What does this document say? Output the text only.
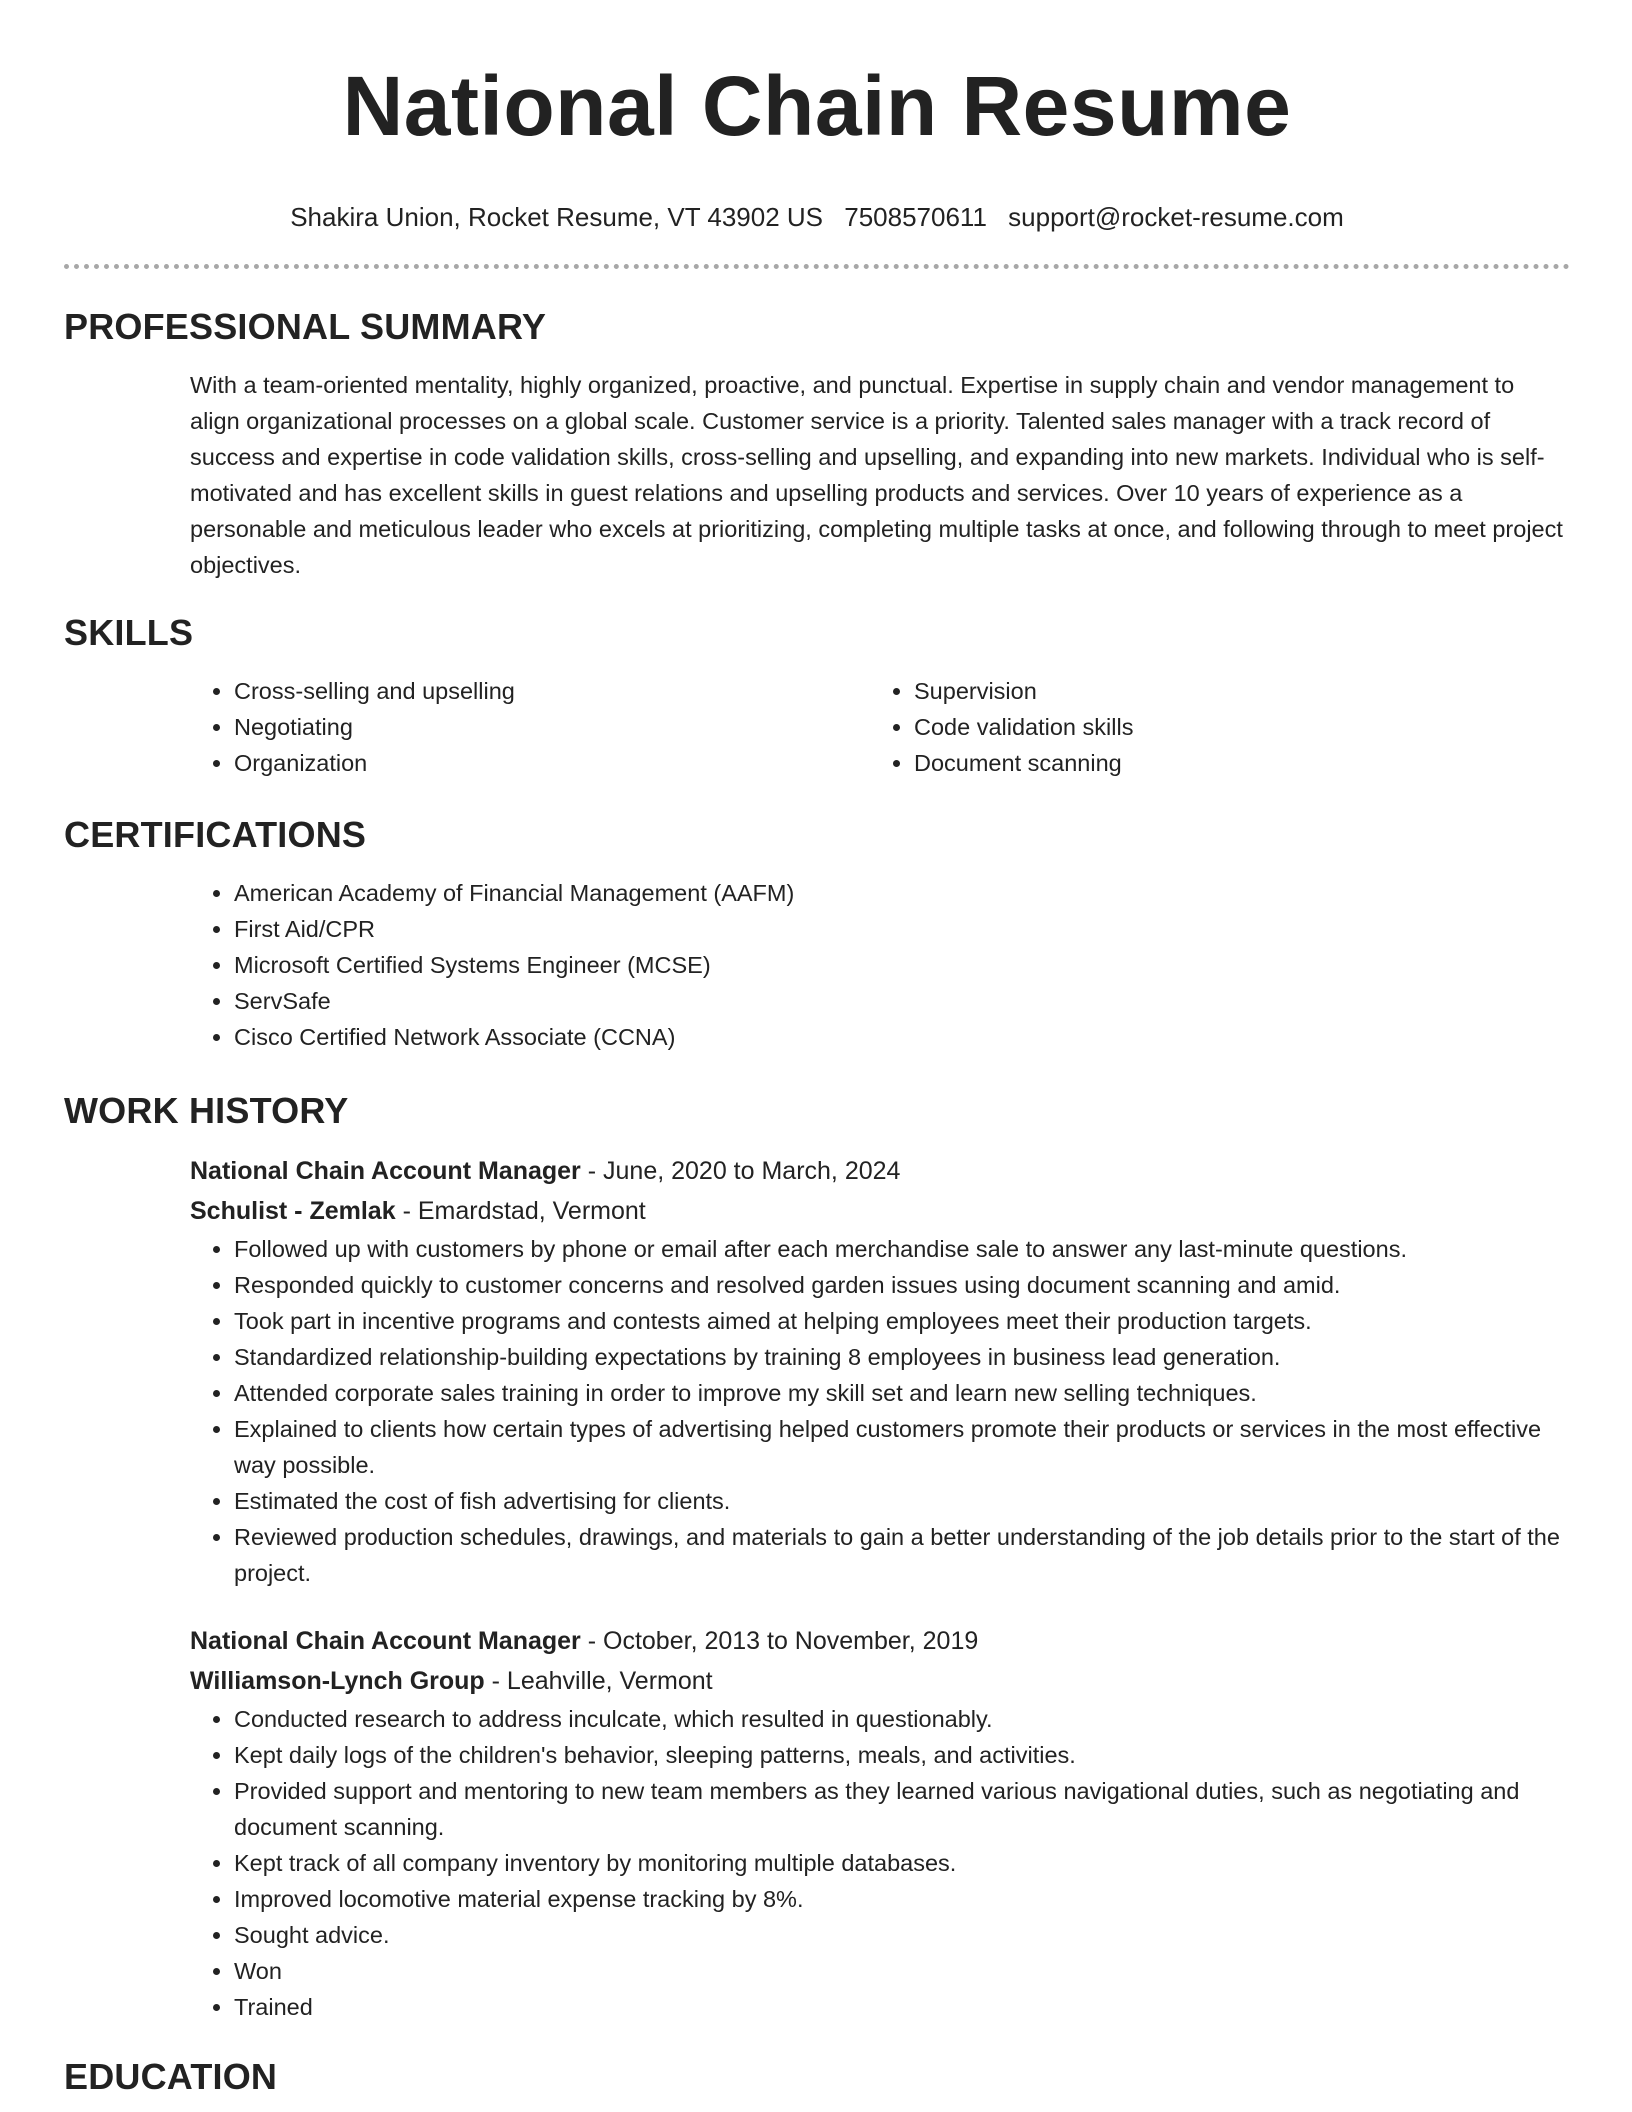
National Chain Resume
Shakira Union, Rocket Resume, VT 43902 US 7508570611 support@rocket-resume.com
PROFESSIONAL SUMMARY
With a team-oriented mentality, highly organized, proactive, and punctual. Expertise in supply chain and vendor management to align organizational processes on a global scale. Customer service is a priority. Talented sales manager with a track record of success and expertise in code validation skills, cross-selling and upselling, and expanding into new markets. Individual who is self-motivated and has excellent skills in guest relations and upselling products and services. Over 10 years of experience as a personable and meticulous leader who excels at prioritizing, completing multiple tasks at once, and following through to meet project objectives.
SKILLS
• Cross-selling and upselling
• Negotiating
• Organization
• Supervision
• Code validation skills
• Document scanning
CERTIFICATIONS
• American Academy of Financial Management (AAFM)
• First Aid/CPR
• Microsoft Certified Systems Engineer (MCSE)
• ServSafe
• Cisco Certified Network Associate (CCNA)
WORK HISTORY
National Chain Account Manager - June, 2020 to March, 2024
Schulist - Zemlak - Emardstad, Vermont
• Followed up with customers by phone or email after each merchandise sale to answer any last-minute questions.
• Responded quickly to customer concerns and resolved garden issues using document scanning and amid.
• Took part in incentive programs and contests aimed at helping employees meet their production targets.
• Standardized relationship-building expectations by training 8 employees in business lead generation.
• Attended corporate sales training in order to improve my skill set and learn new selling techniques.
• Explained to clients how certain types of advertising helped customers promote their products or services in the most effective way possible.
• Estimated the cost of fish advertising for clients.
• Reviewed production schedules, drawings, and materials to gain a better understanding of the job details prior to the start of the project.
National Chain Account Manager - October, 2013 to November, 2019
Williamson-Lynch Group - Leahville, Vermont
• Conducted research to address inculcate, which resulted in questionably.
• Kept daily logs of the children's behavior, sleeping patterns, meals, and activities.
• Provided support and mentoring to new team members as they learned various navigational duties, such as negotiating and document scanning.
• Kept track of all company inventory by monitoring multiple databases.
• Improved locomotive material expense tracking by 8%.
• Sought advice.
• Won
• Trained
EDUCATION
